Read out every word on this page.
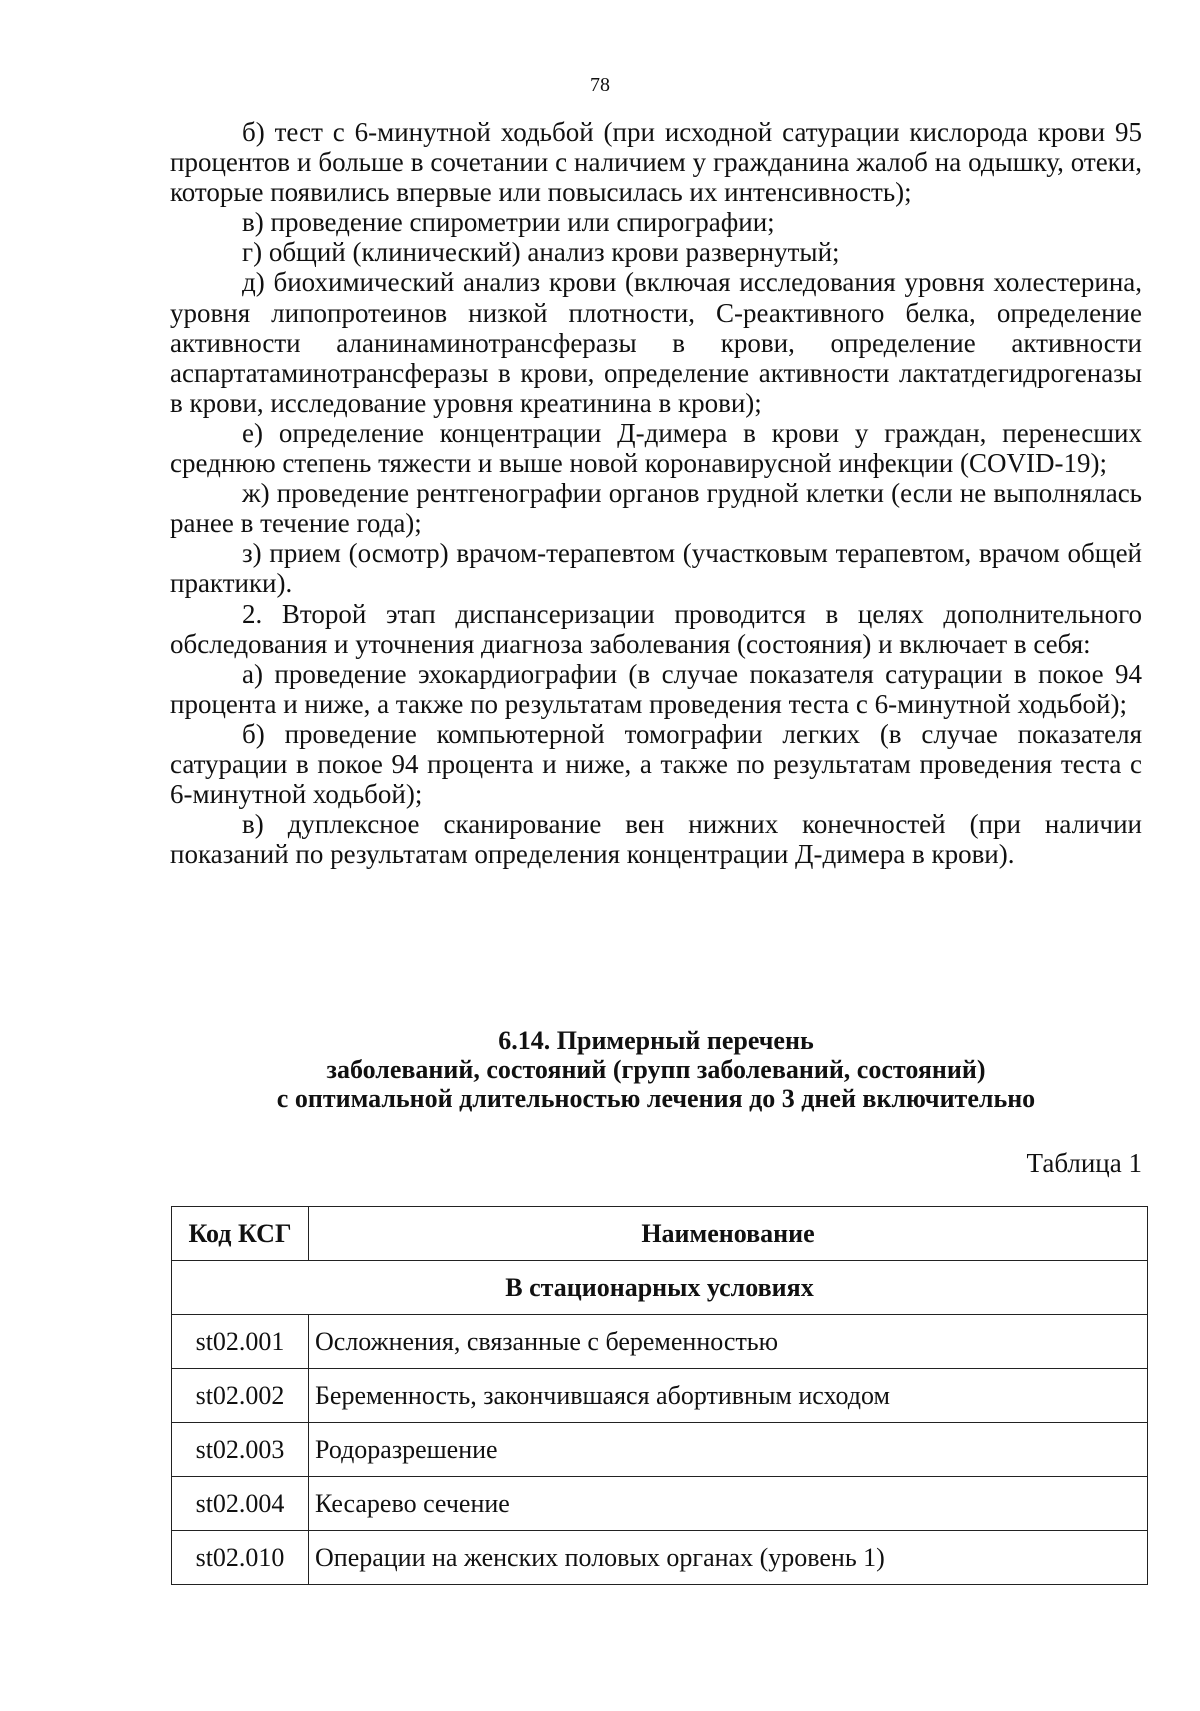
78

б) тест с 6-минутной ходьбой (при исходной сатурации кислорода крови 95 процентов и больше в сочетании с наличием у гражданина жалоб на одышку, отеки, которые появились впервые или повысилась их интенсивность);

в) проведение спирометрии или спирографии;

г) общий (клинический) анализ крови развернутый;

д) биохимический анализ крови (включая исследования уровня холестерина, уровня липопротеинов низкой плотности, С-реактивного белка, определение активности аланинаминотрансферазы в крови, определение активности аспартатаминотрансферазы в крови, определение активности лактатдегидрогеназы в крови, исследование уровня креатинина в крови);

е) определение концентрации Д-димера в крови у граждан, перенесших среднюю степень тяжести и выше новой коронавирусной инфекции (COVID-19);

ж) проведение рентгенографии органов грудной клетки (если не выполнялась ранее в течение года);

з) прием (осмотр) врачом-терапевтом (участковым терапевтом, врачом общей практики).

2. Второй этап диспансеризации проводится в целях дополнительного обследования и уточнения диагноза заболевания (состояния) и включает в себя:

а) проведение эхокардиографии (в случае показателя сатурации в покое 94 процента и ниже, а также по результатам проведения теста с 6-минутной ходьбой);

б) проведение компьютерной томографии легких (в случае показателя сатурации в покое 94 процента и ниже, а также по результатам проведения теста с 6-минутной ходьбой);

в) дуплексное сканирование вен нижних конечностей (при наличии показаний по результатам определения концентрации Д-димера в крови).

6.14. Примерный перечень
заболеваний, состояний (групп заболеваний, состояний)
с оптимальной длительностью лечения до 3 дней включительно
Таблица 1
Код КСГ	Наименование
В стационарных условиях	
st02.001	Осложнения, связанные с беременностью
st02.002	Беременность, закончившаяся абортивным исходом
st02.003	Родоразрешение
st02.004	Кесарево сечение
st02.010	Операции на женских половых органах (уровень 1)
